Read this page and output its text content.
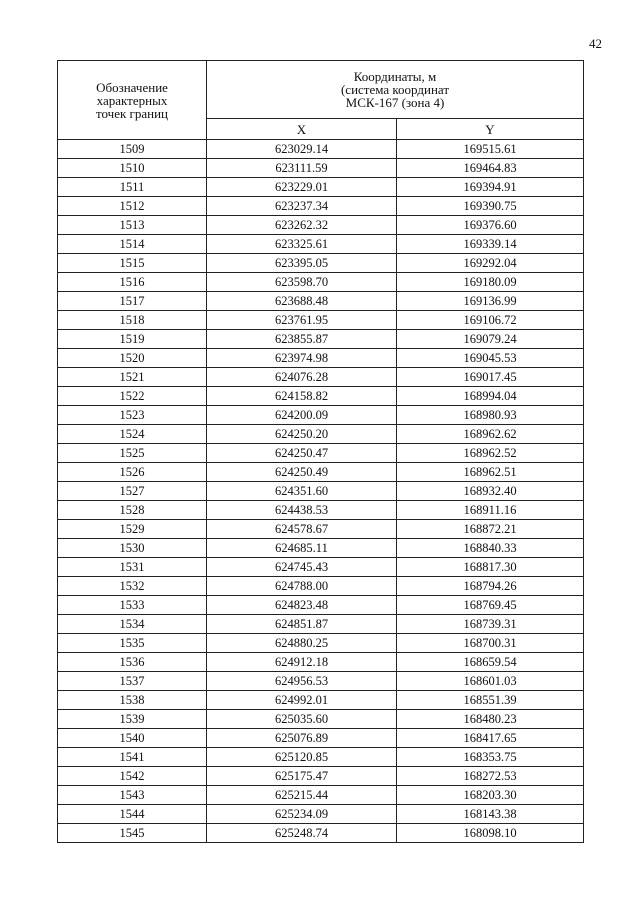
42
Обозначение
характерных
точек границ	Координаты, м
(система координат
МСК-167 (зона 4)	
	X	Y
1509	623029.14	169515.61
1510	623111.59	169464.83
1511	623229.01	169394.91
1512	623237.34	169390.75
1513	623262.32	169376.60
1514	623325.61	169339.14
1515	623395.05	169292.04
1516	623598.70	169180.09
1517	623688.48	169136.99
1518	623761.95	169106.72
1519	623855.87	169079.24
1520	623974.98	169045.53
1521	624076.28	169017.45
1522	624158.82	168994.04
1523	624200.09	168980.93
1524	624250.20	168962.62
1525	624250.47	168962.52
1526	624250.49	168962.51
1527	624351.60	168932.40
1528	624438.53	168911.16
1529	624578.67	168872.21
1530	624685.11	168840.33
1531	624745.43	168817.30
1532	624788.00	168794.26
1533	624823.48	168769.45
1534	624851.87	168739.31
1535	624880.25	168700.31
1536	624912.18	168659.54
1537	624956.53	168601.03
1538	624992.01	168551.39
1539	625035.60	168480.23
1540	625076.89	168417.65
1541	625120.85	168353.75
1542	625175.47	168272.53
1543	625215.44	168203.30
1544	625234.09	168143.38
1545	625248.74	168098.10
